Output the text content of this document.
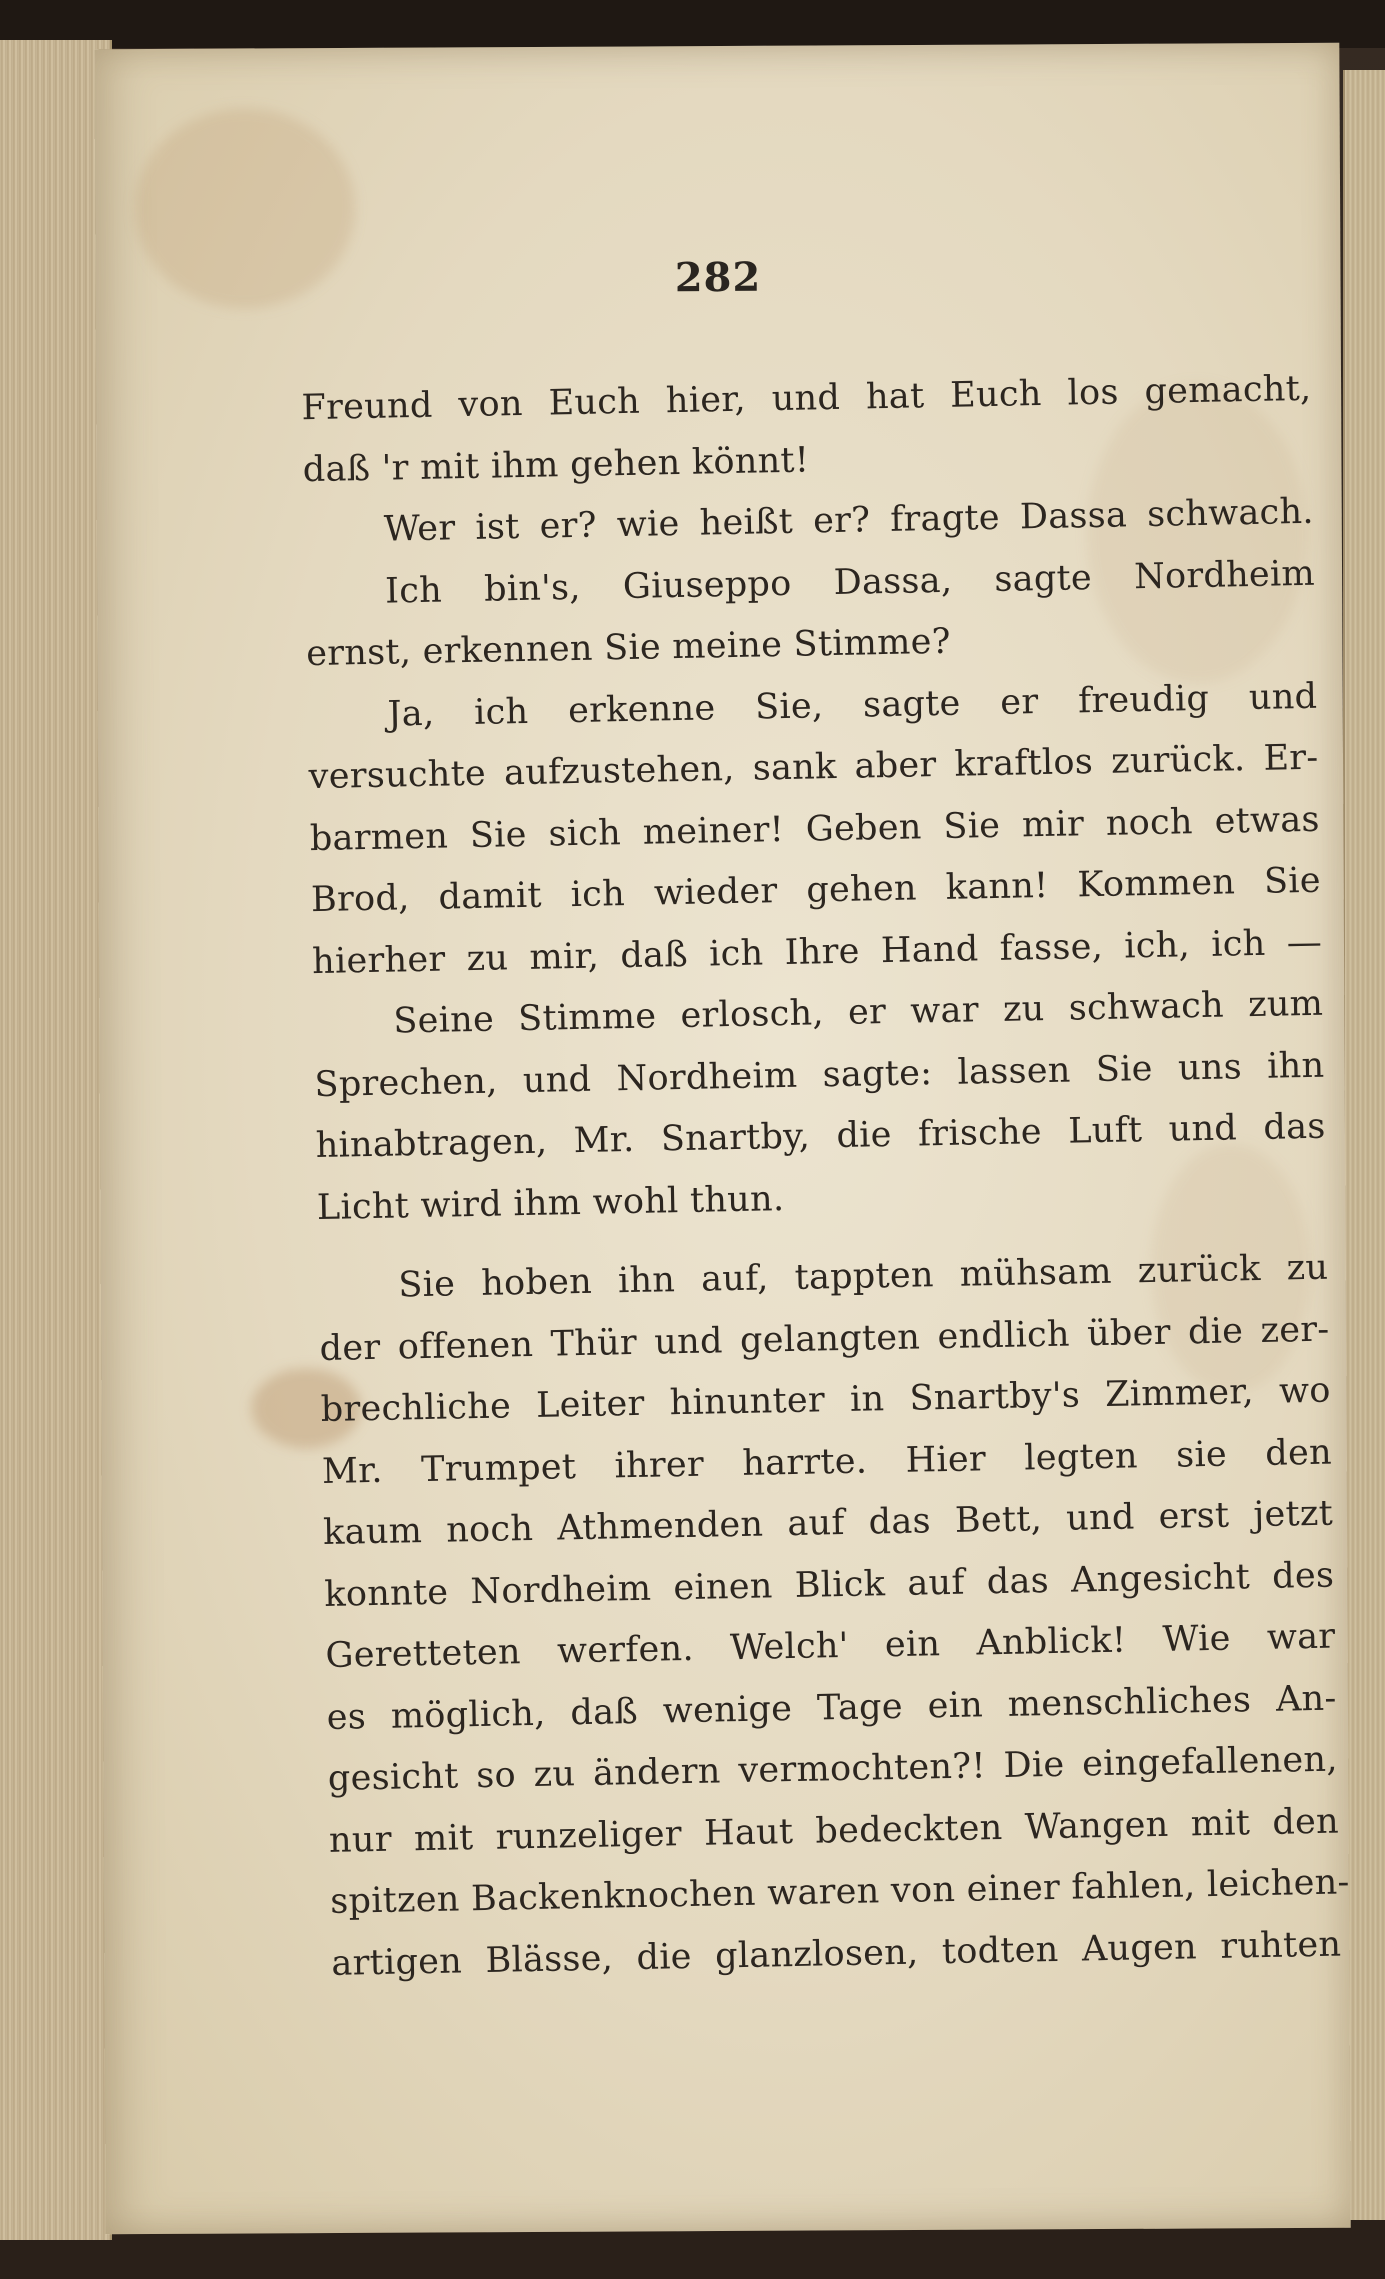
282
Freund von Euch hier, und hat Euch los gemacht,
daß 'r mit ihm gehen könnt!
Wer ist er? wie heißt er? fragte Dassa schwach.
Ich bin's, Giuseppo Dassa, sagte Nordheim
ernst, erkennen Sie meine Stimme?
Ja, ich erkenne Sie, sagte er freudig und
versuchte aufzustehen, sank aber kraftlos zurück. Er-
barmen Sie sich meiner! Geben Sie mir noch etwas
Brod, damit ich wieder gehen kann! Kommen Sie
hierher zu mir, daß ich Ihre Hand fasse, ich, ich —
Seine Stimme erlosch, er war zu schwach zum
Sprechen, und Nordheim sagte: lassen Sie uns ihn
hinabtragen, Mr. Snartby, die frische Luft und das
Licht wird ihm wohl thun.
Sie hoben ihn auf, tappten mühsam zurück zu
der offenen Thür und gelangten endlich über die zer-
brechliche Leiter hinunter in Snartby's Zimmer, wo
Mr. Trumpet ihrer harrte. Hier legten sie den
kaum noch Athmenden auf das Bett, und erst jetzt
konnte Nordheim einen Blick auf das Angesicht des
Geretteten werfen. Welch' ein Anblick! Wie war
es möglich, daß wenige Tage ein menschliches An-
gesicht so zu ändern vermochten?! Die eingefallenen,
nur mit runzeliger Haut bedeckten Wangen mit den
spitzen Backenknochen waren von einer fahlen, leichen-
artigen Blässe, die glanzlosen, todten Augen ruhten
